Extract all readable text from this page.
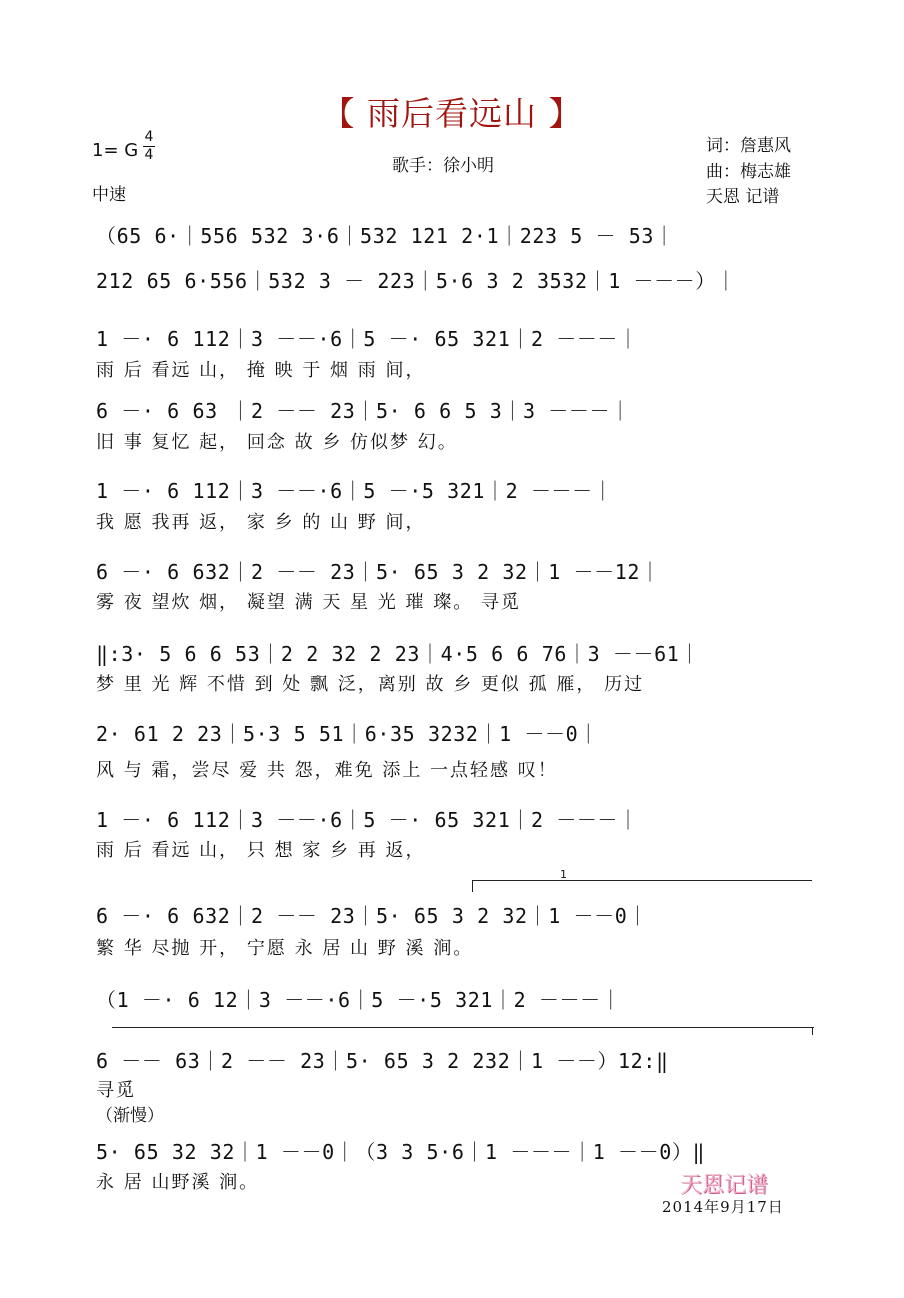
【 雨后看远山 】
1= G
4
4
中速
歌手：徐小明
词：詹惠风
曲：梅志雄
天恩 记谱
（65 6·｜556 532 3·6｜532 121 2·1｜223 5 － 53｜
212 65 6·556｜532 3 － 223｜5·6 3 2 3532｜1 －－－）｜
1 －· 6 112｜3 －－·6｜5 －· 65 321｜2 －－－｜
雨 后 看远 山， 掩 映 于 烟 雨 间，
6 －· 6 63 ｜2 －－ 23｜5· 6 6 5 3｜3 －－－｜
旧 事 复忆 起， 回念 故 乡 仿似梦 幻。
1 －· 6 112｜3 －－·6｜5 －·5 321｜2 －－－｜
我 愿 我再 返， 家 乡 的 山 野 间，
6 －· 6 632｜2 －－ 23｜5· 65 3 2 32｜1 －－12｜
雾 夜 望炊 烟， 凝望 满 天 星 光 璀 璨。 寻觅
‖:3· 5 6 6 53｜2 2 32 2 23｜4·5 6 6 76｜3 －－61｜
梦 里 光 辉 不惜 到 处 飘 泛，离别 故 乡 更似 孤 雁， 历过
2· 61 2 23｜5·3 5 51｜6·35 3232｜1 －－0｜
风 与 霜，尝尽 爱 共 怨，难免 添上 一点轻感 叹！
1 －· 6 112｜3 －－·6｜5 －· 65 321｜2 －－－｜
雨 后 看远 山， 只 想 家 乡 再 返，
1
6 －· 6 632｜2 －－ 23｜5· 65 3 2 32｜1 －－0｜
繁 华 尽抛 开， 宁愿 永 居 山 野 溪 涧。
（1 －· 6 12｜3 －－·6｜5 －·5 321｜2 －－－｜
6 －－ 63｜2 －－ 23｜5· 65 3 2 232｜1 －－）12:‖
寻觅
（渐慢）
5· 65 32 32｜1 －－0｜（3 3 5·6｜1 －－－｜1 －－0）‖
永 居 山野溪 涧。	天恩记谱
2014年9月17日
